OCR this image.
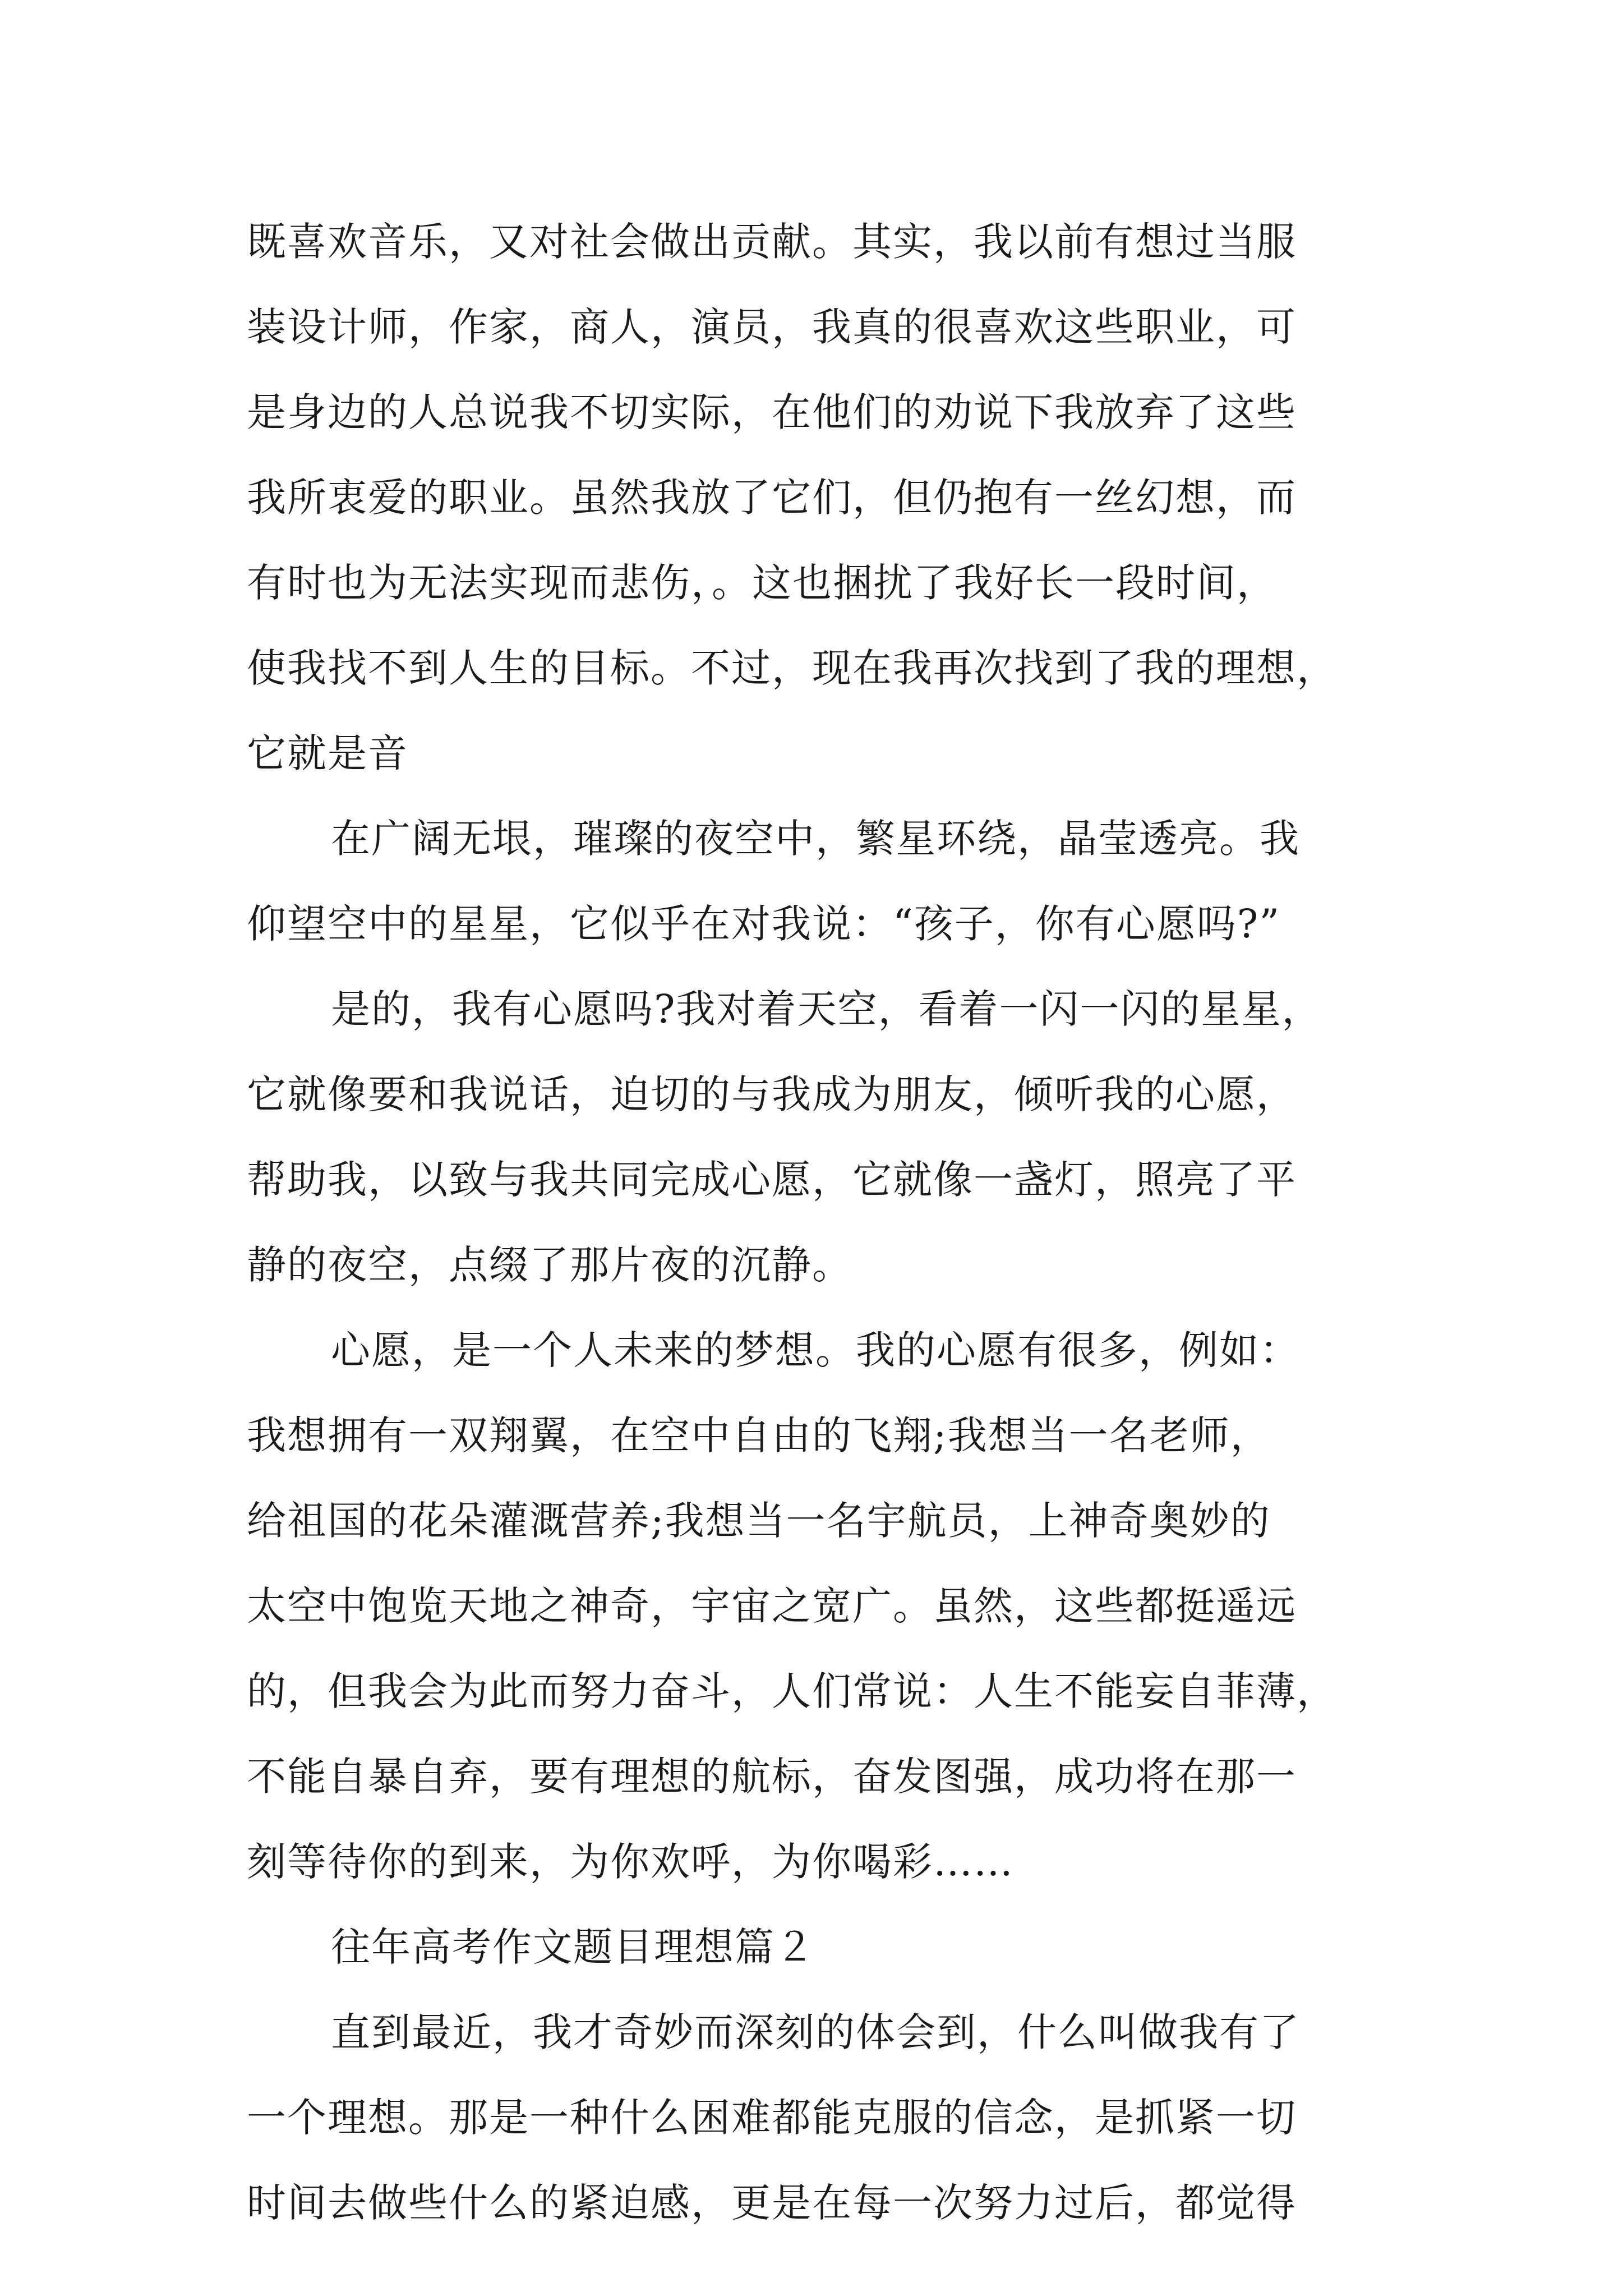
既喜欢音乐，又对社会做出贡献。其实，我以前有想过当服
装设计师，作家，商人，演员，我真的很喜欢这些职业，可
是身边的人总说我不切实际，在他们的劝说下我放弃了这些
我所衷爱的职业。虽然我放了它们，但仍抱有一丝幻想，而
有时也为无法实现而悲伤，。这也捆扰了我好长一段时间，
使我找不到人生的目标。不过，现在我再次找到了我的理想，
它就是音

在广阔无垠，璀璨的夜空中，繁星环绕，晶莹透亮。我
仰望空中的星星，它似乎在对我说：“孩子，你有心愿吗?”

是的，我有心愿吗?我对着天空，看着一闪一闪的星星，
它就像要和我说话，迫切的与我成为朋友，倾听我的心愿，
帮助我，以致与我共同完成心愿，它就像一盏灯，照亮了平
静的夜空，点缀了那片夜的沉静。

心愿，是一个人未来的梦想。我的心愿有很多，例如：
我想拥有一双翔翼，在空中自由的飞翔;我想当一名老师，
给祖国的花朵灌溉营养;我想当一名宇航员，上神奇奥妙的
太空中饱览天地之神奇，宇宙之宽广。虽然，这些都挺遥远
的，但我会为此而努力奋斗，人们常说：人生不能妄自菲薄，
不能自暴自弃，要有理想的航标，奋发图强，成功将在那一
刻等待你的到来，为你欢呼，为你喝彩……

往年高考作文题目理想篇２

直到最近，我才奇妙而深刻的体会到，什么叫做我有了
一个理想。那是一种什么困难都能克服的信念，是抓紧一切
时间去做些什么的紧迫感，更是在每一次努力过后，都觉得
